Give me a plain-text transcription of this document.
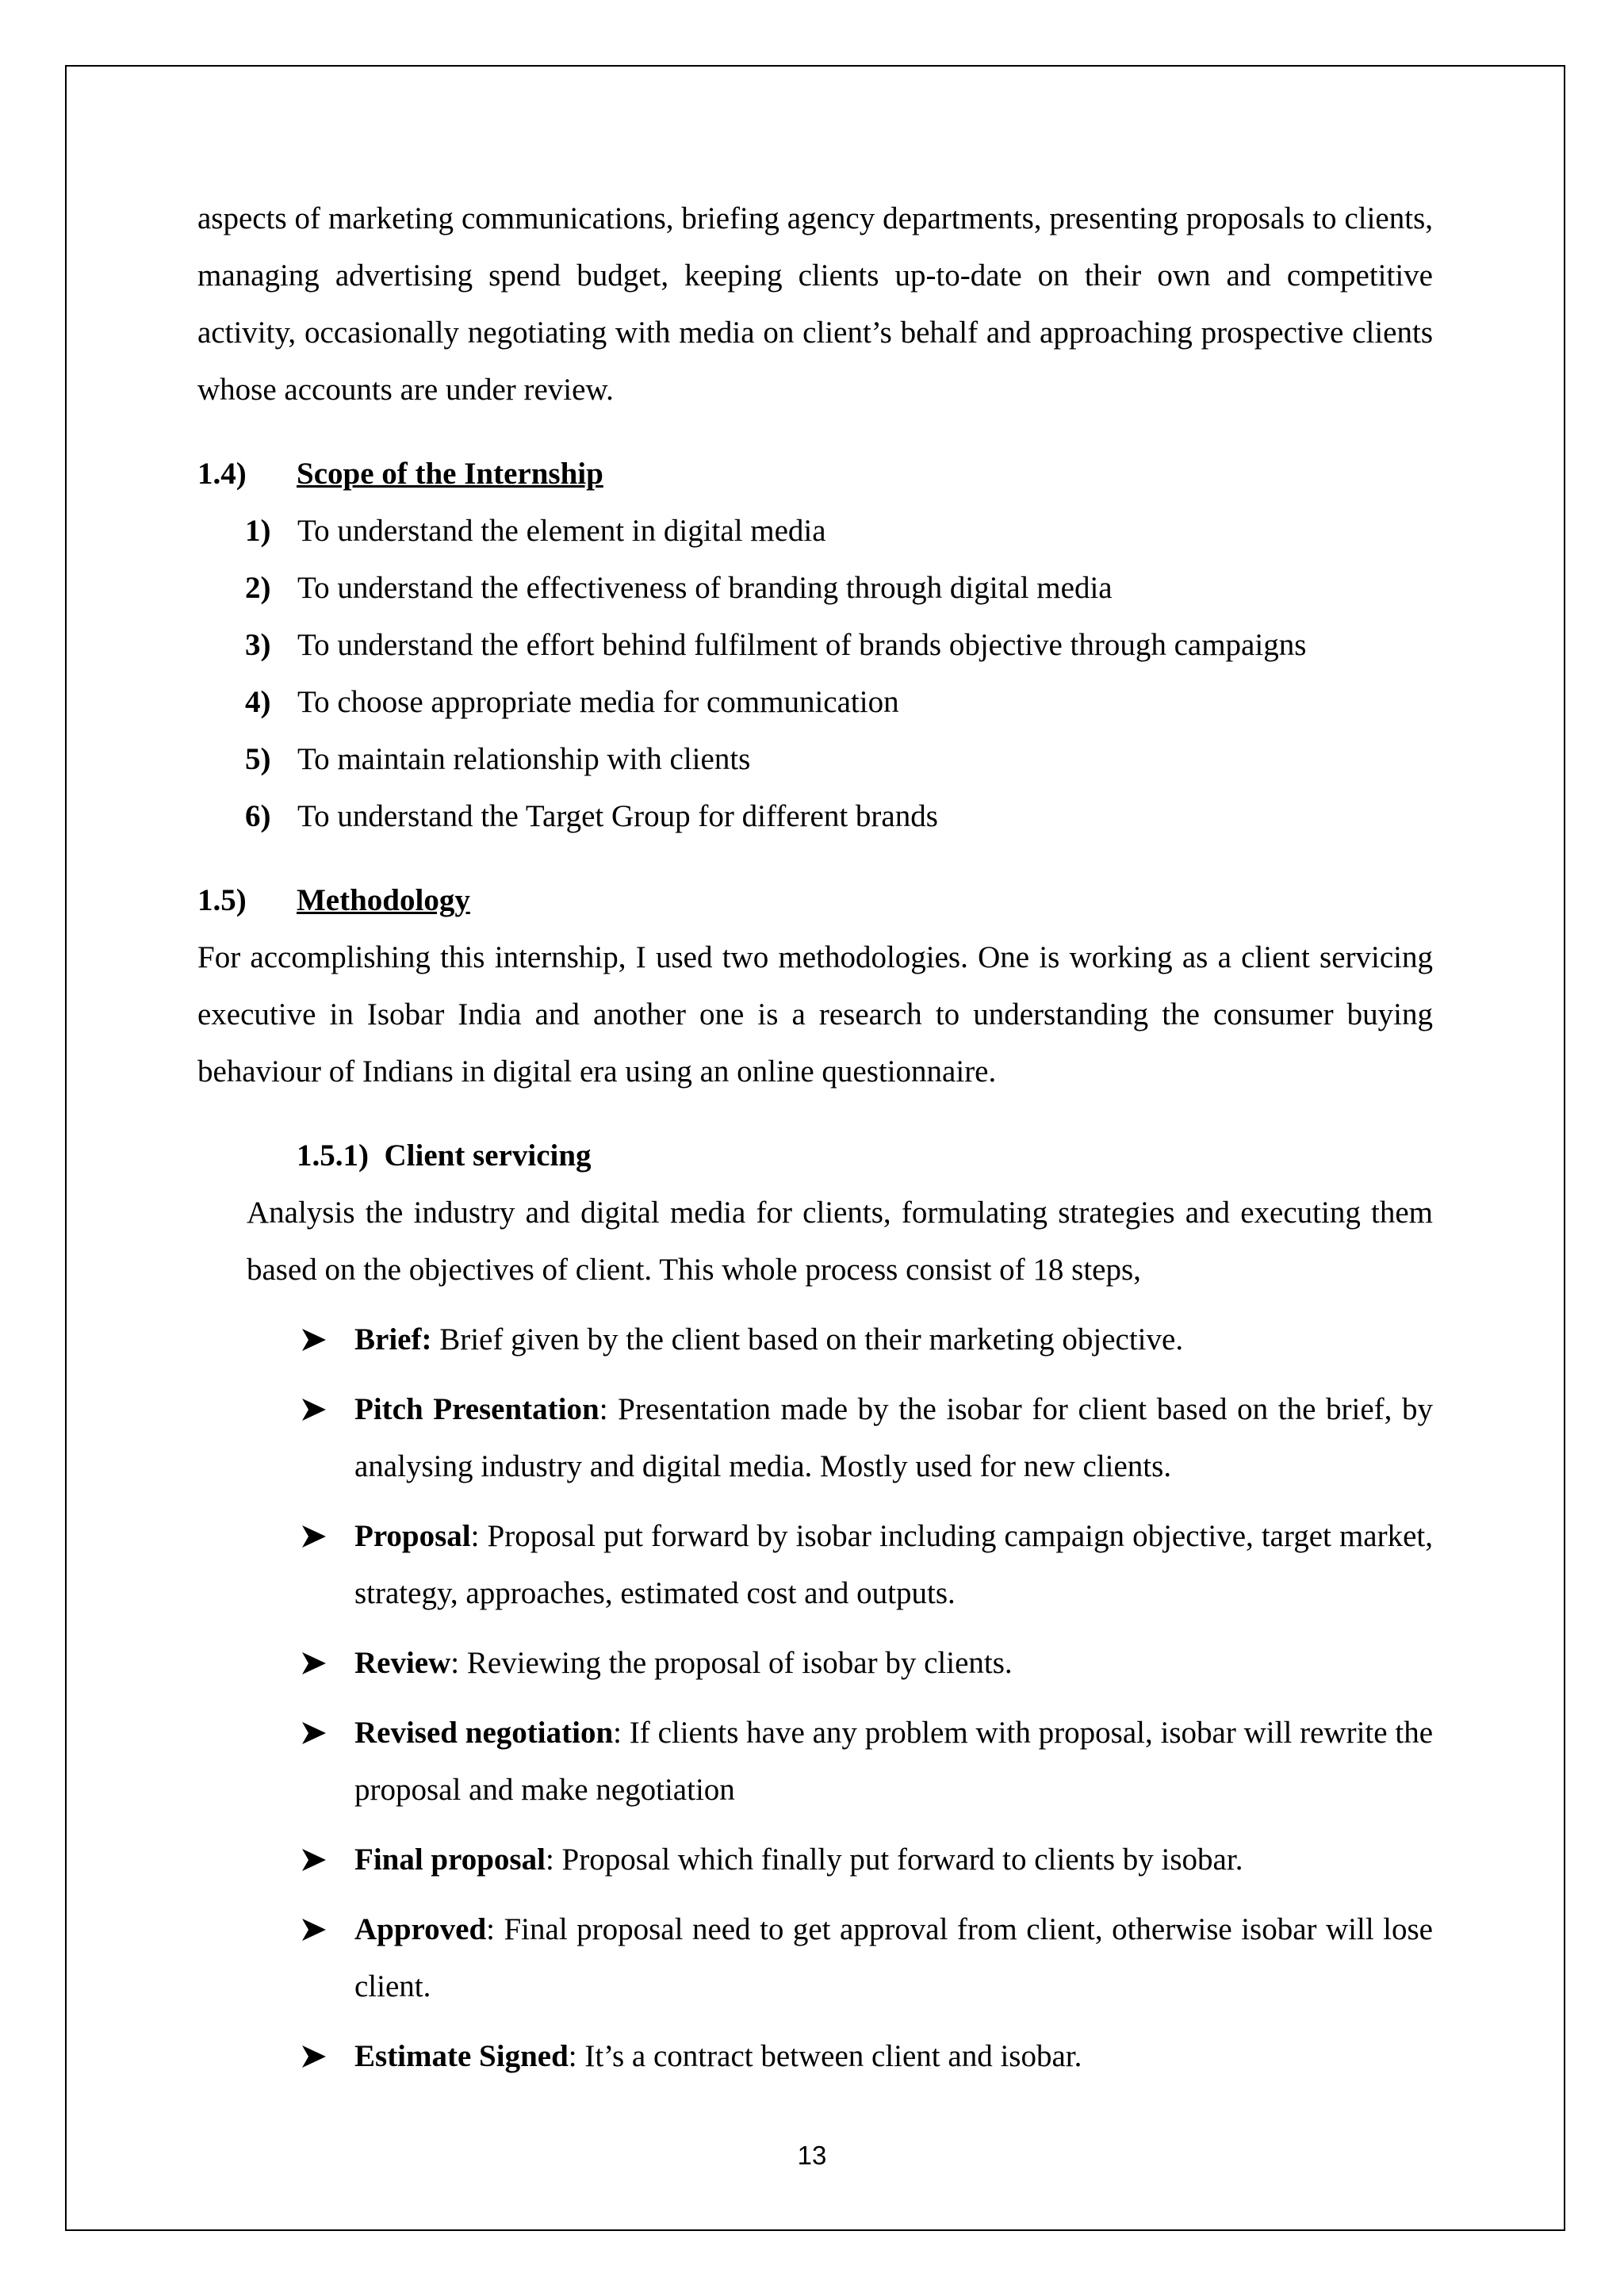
aspects of marketing communications, briefing agency departments, presenting proposals to clients, managing advertising spend budget, keeping clients up-to-date on their own and competitive activity, occasionally negotiating with media on client’s behalf and approaching prospective clients whose accounts are under review.

1.4)	Scope of the Internship
1) To understand the element in digital media
2) To understand the effectiveness of branding through digital media
3) To understand the effort behind fulfilment of brands objective through campaigns
4) To choose appropriate media for communication
5) To maintain relationship with clients
6) To understand the Target Group for different brands
1.5)	Methodology

For accomplishing this internship, I used two methodologies. One is working as a client servicing executive in Isobar India and another one is a research to understanding the consumer buying behaviour of Indians in digital era using an online questionnaire.

1.5.1)  Client servicing

Analysis the industry and digital media for clients, formulating strategies and executing them based on the objectives of client. This whole process consist of 18 steps,

Brief: Brief given by the client based on their marketing objective.
Pitch Presentation: Presentation made by the isobar for client based on the brief, by analysing industry and digital media. Mostly used for new clients.
Proposal: Proposal put forward by isobar including campaign objective, target market, strategy, approaches, estimated cost and outputs.
Review: Reviewing the proposal of isobar by clients.
Revised negotiation: If clients have any problem with proposal, isobar will rewrite the proposal and make negotiation
Final proposal: Proposal which finally put forward to clients by isobar.
Approved: Final proposal need to get approval from client, otherwise isobar will lose client.
Estimate Signed: It’s a contract between client and isobar.
13
